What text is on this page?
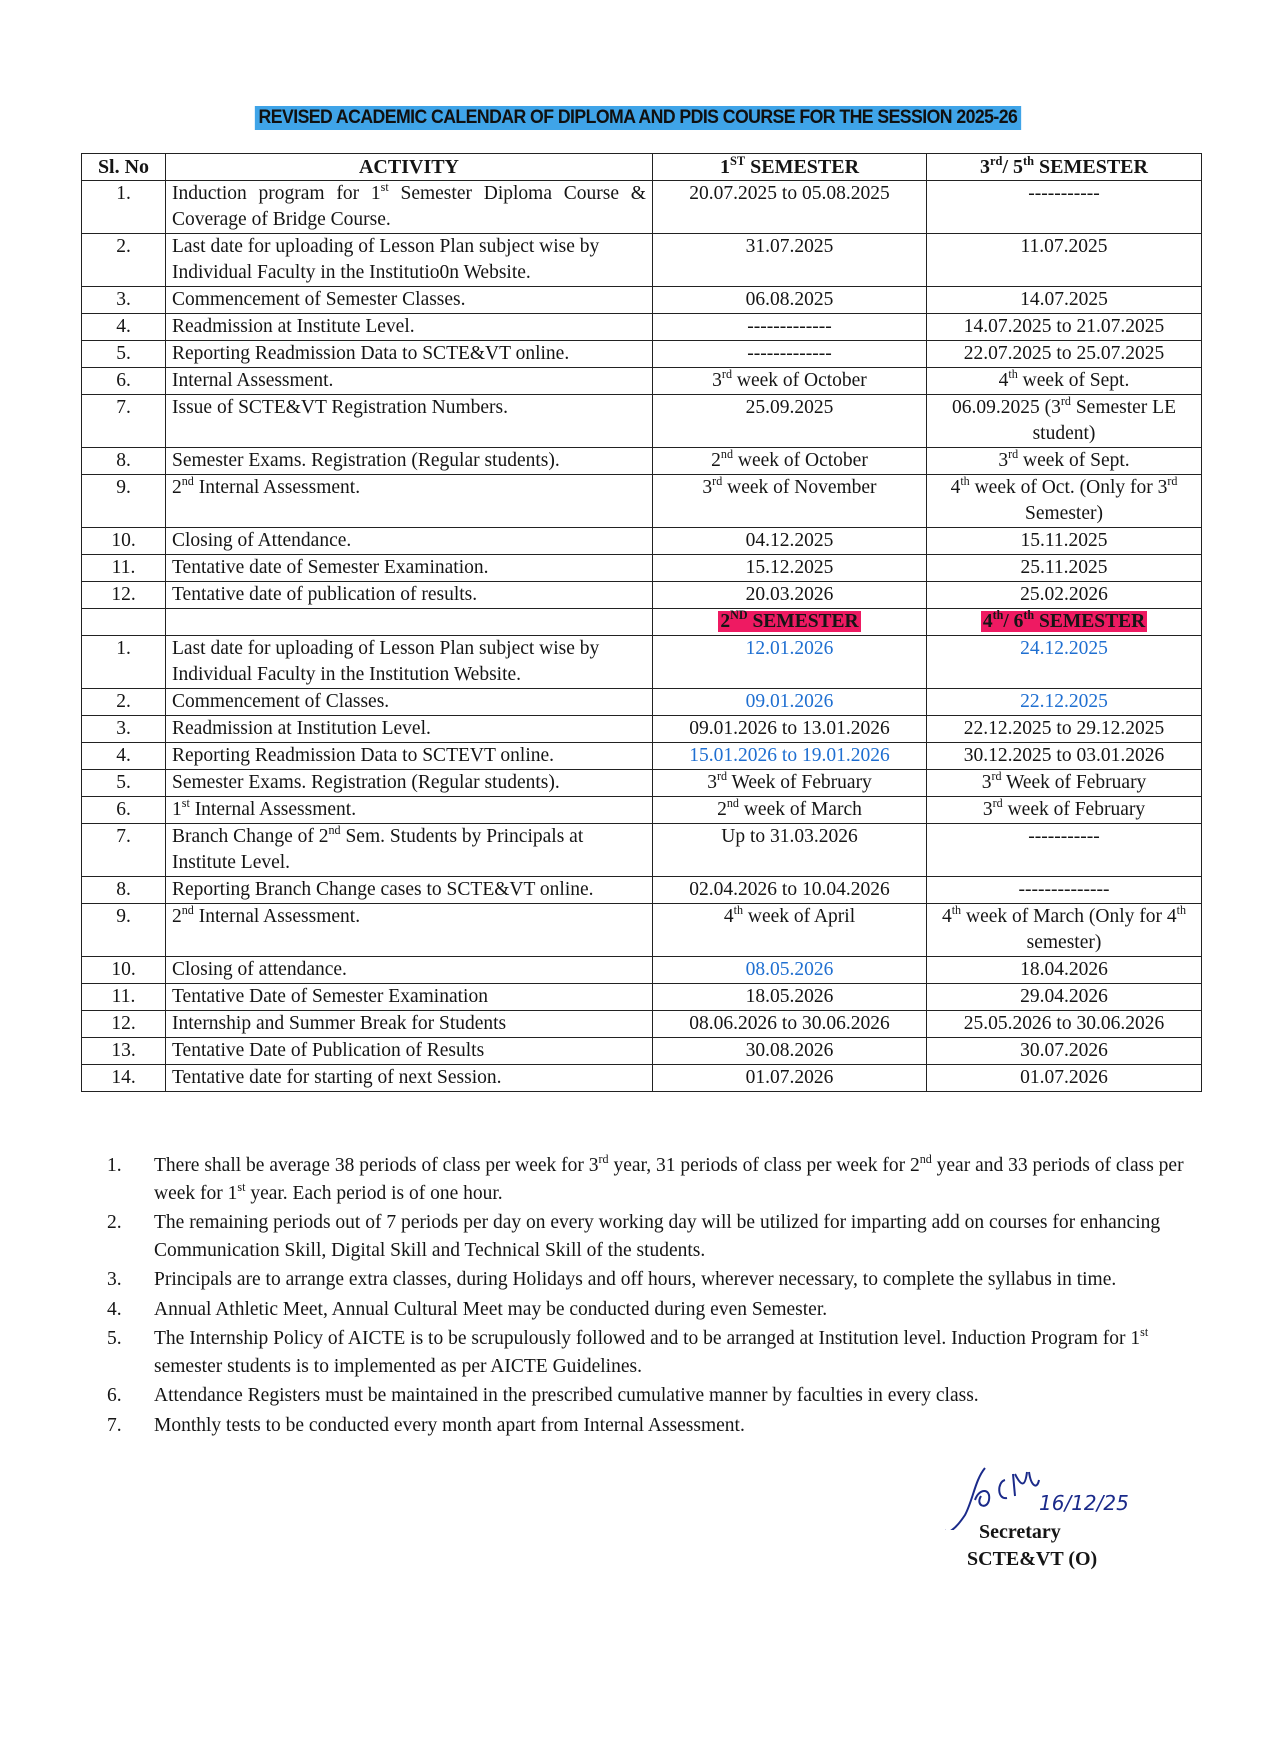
REVISED ACADEMIC CALENDAR OF DIPLOMA AND PDIS COURSE FOR THE SESSION 2025-26
Sl. No	ACTIVITY	1ST SEMESTER	3rd/ 5th SEMESTER
1.	Induction program for 1st Semester Diploma Course & Coverage of Bridge Course.	20.07.2025 to 05.08.2025	-----------
2.	Last date for uploading of Lesson Plan subject wise by Individual Faculty in the Institutio0n Website.	31.07.2025	11.07.2025
3.	Commencement of Semester Classes.	06.08.2025	14.07.2025
4.	Readmission at Institute Level.	-------------	14.07.2025 to 21.07.2025
5.	Reporting Readmission Data to SCTE&VT online.	-------------	22.07.2025 to 25.07.2025
6.	Internal Assessment.	3rd week of October	4th week of Sept.
7.	Issue of SCTE&VT Registration Numbers.	25.09.2025	06.09.2025 (3rd Semester LE student)
8.	Semester Exams. Registration (Regular students).	2nd week of October	3rd week of Sept.
9.	2nd Internal Assessment.	3rd week of November	4th week of Oct. (Only for 3rd Semester)
10.	Closing of Attendance.	04.12.2025	15.11.2025
11.	Tentative date of Semester Examination.	15.12.2025	25.11.2025
12.	Tentative date of publication of results.	20.03.2026	25.02.2026
		2ND SEMESTER	4th/ 6th SEMESTER
1.	Last date for uploading of Lesson Plan subject wise by Individual Faculty in the Institution Website.	12.01.2026	24.12.2025
2.	Commencement of Classes.	09.01.2026	22.12.2025
3.	Readmission at Institution Level.	09.01.2026 to 13.01.2026	22.12.2025 to 29.12.2025
4.	Reporting Readmission Data to SCTEVT online.	15.01.2026 to 19.01.2026	30.12.2025 to 03.01.2026
5.	Semester Exams. Registration (Regular students).	3rd Week of February	3rd Week of February
6.	1st Internal Assessment.	2nd week of March	3rd week of February
7.	Branch Change of 2nd Sem. Students by Principals at Institute Level.	Up to 31.03.2026	-----------
8.	Reporting Branch Change cases to SCTE&VT online.	02.04.2026 to 10.04.2026	--------------
9.	2nd Internal Assessment.	4th week of April	4th week of March (Only for 4th semester)
10.	Closing of attendance.	08.05.2026	18.04.2026
11.	Tentative Date of Semester Examination	18.05.2026	29.04.2026
12.	Internship and Summer Break for Students	08.06.2026 to 30.06.2026	25.05.2026 to 30.06.2026
13.	Tentative Date of Publication of Results	30.08.2026	30.07.2026
14.	Tentative date for starting of next Session.	01.07.2026	01.07.2026
1. There shall be average 38 periods of class per week for 3rd year, 31 periods of class per week for 2nd year and 33 periods of class per week for 1st year. Each period is of one hour.
2. The remaining periods out of 7 periods per day on every working day will be utilized for imparting add on courses for enhancing Communication Skill, Digital Skill and Technical Skill of the students.
3. Principals are to arrange extra classes, during Holidays and off hours, wherever necessary, to complete the syllabus in time.
4. Annual Athletic Meet, Annual Cultural Meet may be conducted during even Semester.
5. The Internship Policy of AICTE is to be scrupulously followed and to be arranged at Institution level. Induction Program for 1st semester students is to implemented as per AICTE Guidelines.
6. Attendance Registers must be maintained in the prescribed cumulative manner by faculties in every class.
7. Monthly tests to be conducted every month apart from Internal Assessment.
16/12/25
Secretary
SCTE&VT (O)
